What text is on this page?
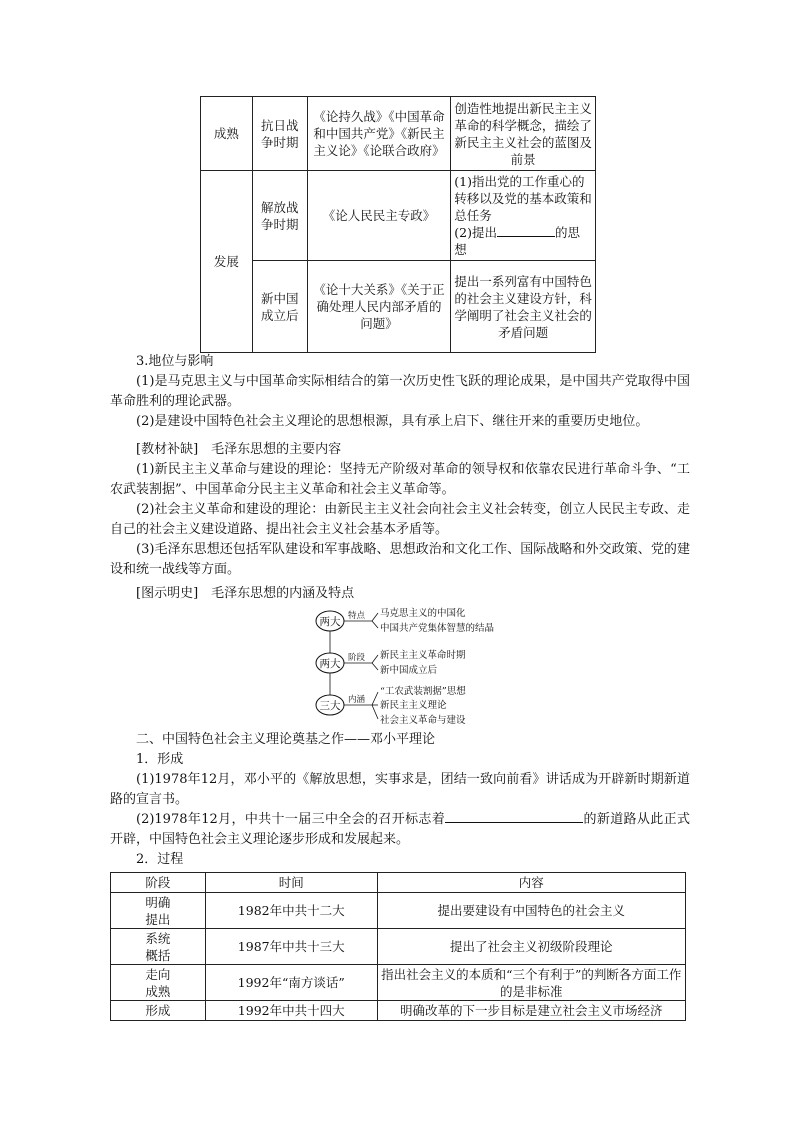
成熟	抗日战争时期	《论持久战》《中国革命和中国共产党》《新民主主义论》《论联合政府》	创造性地提出新民主主义革命的科学概念，描绘了新民主主义社会的蓝图及前景
发展	解放战争时期	《论人民民主专政》	(1)指出党的工作重心的转移以及党的基本政策和总任务
(2)提出 的思想

	新中国成立后	《论十大关系》《关于正确处理人民内部矛盾的问题》	提出一系列富有中国特色的社会主义建设方针，科学阐明了社会主义社会的矛盾问题
3.地位与影响
(1)是马克思主义与中国革命实际相结合的第一次历史性飞跃的理论成果，是中国共产党取得中国革命胜利的理论武器。
(2)是建设中国特色社会主义理论的思想根源，具有承上启下、继往开来的重要历史地位。
[教材补缺]　毛泽东思想的主要内容
(1)新民主主义革命与建设的理论：坚持无产阶级对革命的领导权和依靠农民进行革命斗争、“工农武装割据”、中国革命分民主主义革命和社会主义革命等。
(2)社会主义革命和建设的理论：由新民主主义社会向社会主义社会转变，创立人民民主专政、走自己的社会主义建设道路、提出社会主义社会基本矛盾等。
(3)毛泽东思想还包括军队建设和军事战略、思想政治和文化工作、国际战略和外交政策、党的建设和统一战线等方面。
[图示明史]　毛泽东思想的内涵及特点
两大 特点 马克思主义的中国化
中国共产党集体智慧的结晶
两大 阶段 新民主主义革命时期
新中国成立后
三大 内涵
“工农武装割据”思想
新民主主义理论
社会主义革命与建设
二、中国特色社会主义理论奠基之作——邓小平理论
1．形成
(1)1978年12月，邓小平的《解放思想，实事求是，团结一致向前看》讲话成为开辟新时期新道路的宣言书。
(2)1978年12月，中共十一届三中全会的召开标志着	的新道路从此正式开辟，中国特色社会主义理论逐步形成和发展起来。
2．过程
阶段	时间	内容

明确提出	1982年中共十二大	提出要建设有中国特色的社会主义

系统概括	1987年中共十三大	提出了社会主义初级阶段理论

走向成熟	1992年“南方谈话”	指出社会主义的本质和“三个有利于”的判断各方面工作的是非标准
形成	1992年中共十四大	明确改革的下一步目标是建立社会主义市场经济
